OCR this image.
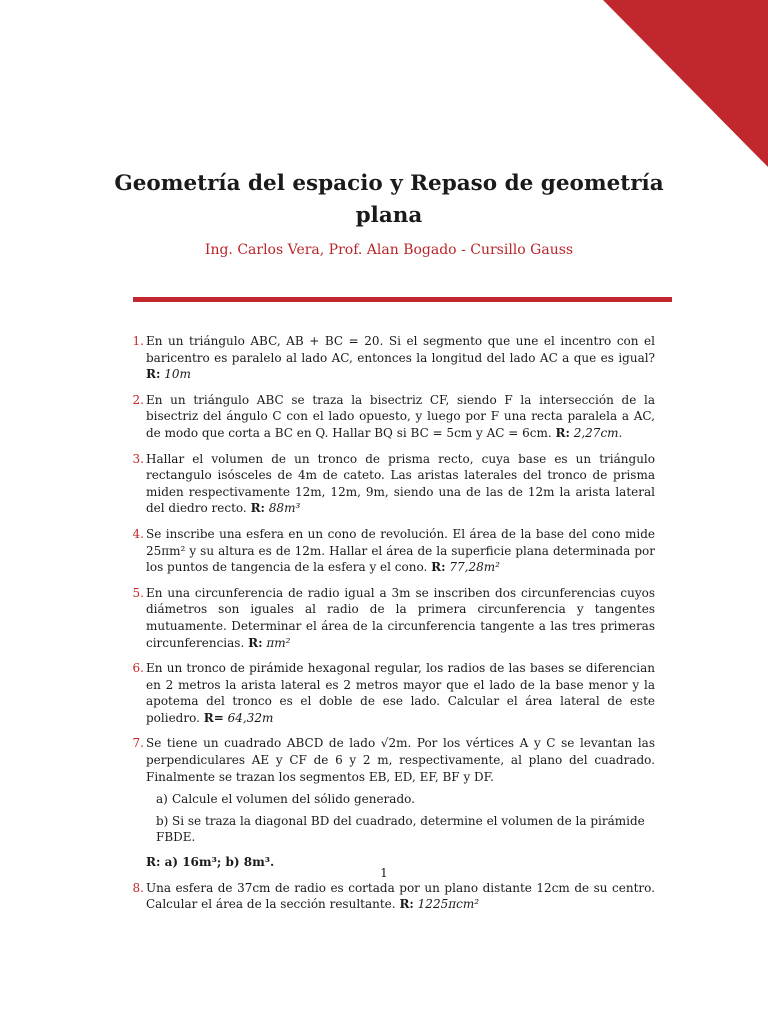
Geometría del espacio y Repaso de geometría plana
Ing. Carlos Vera, Prof. Alan Bogado - Cursillo Gauss
1. En un triángulo ABC, AB + BC = 20. Si el segmento que une el incentro con el baricentro es paralelo al lado AC, entonces la longitud del lado AC a que es igual? R: 10m

2. En un triángulo ABC se traza la bisectriz CF, siendo F la intersección de la bisectriz del ángulo C con el lado opuesto, y luego por F una recta paralela a AC, de modo que corta a BC en Q. Hallar BQ si BC = 5cm y AC = 6cm. R: 2,27cm.

3. Hallar el volumen de un tronco de prisma recto, cuya base es un triángulo rectangulo isósceles de 4m de cateto. Las aristas laterales del tronco de prisma miden respectivamente 12m, 12m, 9m, siendo una de las de 12m la arista lateral del diedro recto. R: 88m³

4. Se inscribe una esfera en un cono de revolución. El área de la base del cono mide 25πm² y su altura es de 12m. Hallar el área de la superficie plana determinada por los puntos de tangencia de la esfera y el cono. R: 77,28m²

5. En una circunferencia de radio igual a 3m se inscriben dos circunferencias cuyos diámetros son iguales al radio de la primera circunferencia y tangentes mutuamente. Determinar el área de la circunferencia tangente a las tres primeras circunferencias. R: πm²

6. En un tronco de pirámide hexagonal regular, los radios de las bases se diferencian en 2 metros la arista lateral es 2 metros mayor que el lado de la base menor y la apotema del tronco es el doble de ese lado. Calcular el área lateral de este poliedro. R= 64,32m

7. Se tiene un cuadrado ABCD de lado √2m. Por los vértices A y C se levantan las perpendiculares AE y CF de 6 y 2 m, respectivamente, al plano del cuadrado. Finalmente se trazan los segmentos EB, ED, EF, BF y DF.

a) Calcule el volumen del sólido generado.
b) Si se traza la diagonal BD del cuadrado, determine el volumen de la pirámide FBDE.

R: a) 16m³; b) 8m³.

8. Una esfera de 37cm de radio es cortada por un plano distante 12cm de su centro. Calcular el área de la sección resultante. R: 1225πcm²

1
